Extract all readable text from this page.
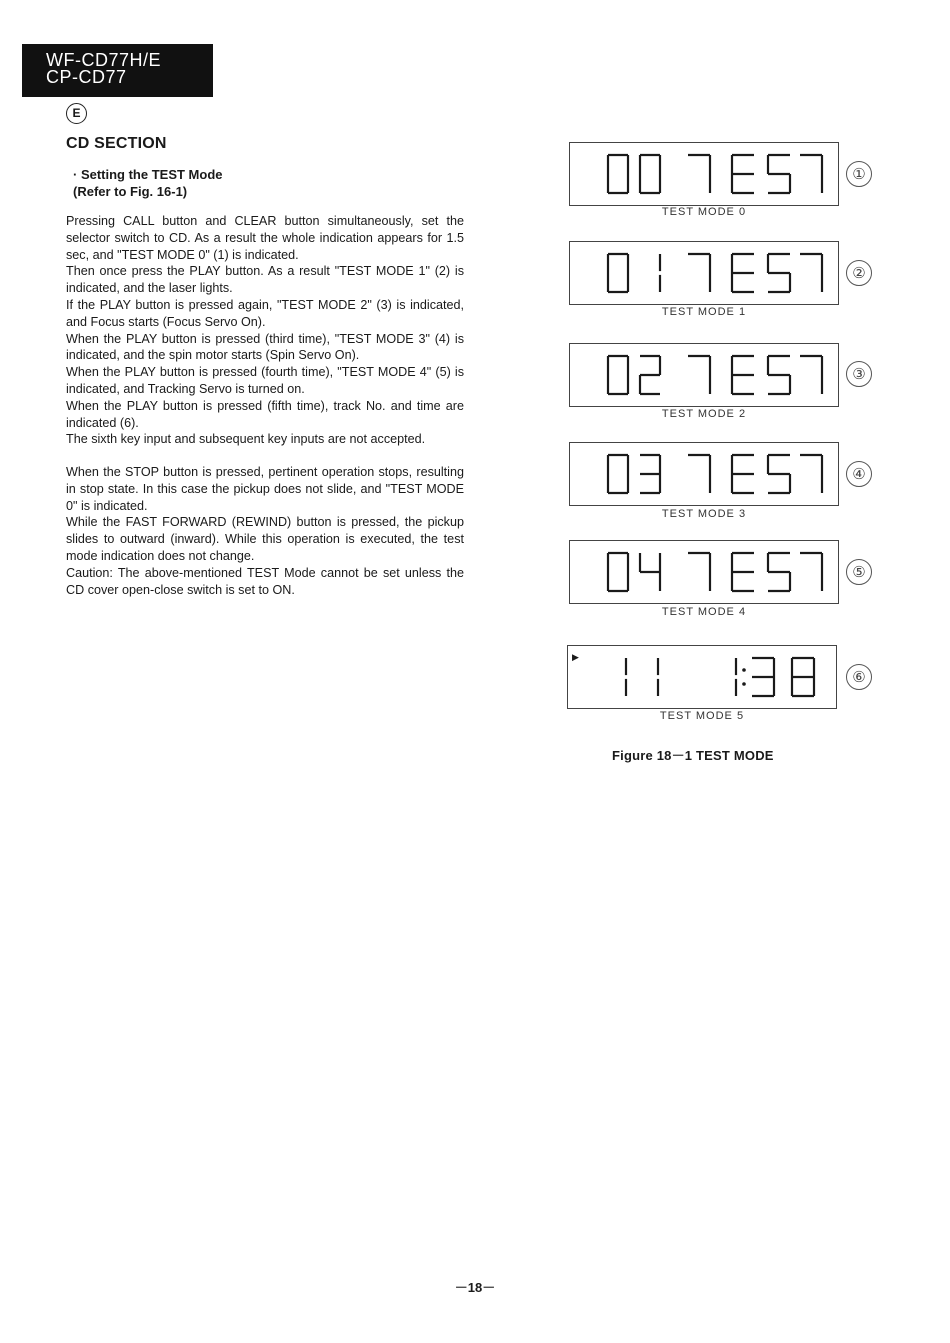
WF-CD77H/E
CP-CD77
E
CD SECTION
· Setting the TEST Mode
(Refer to Fig. 16-1)

Pressing CALL button and CLEAR button simultaneously, set the selector switch to CD. As a result the whole indication appears for 1.5 sec, and "TEST MODE 0" (1) is indicated.

Then once press the PLAY button. As a result "TEST MODE 1" (2) is indicated, and the laser lights.

If the PLAY button is pressed again, "TEST MODE 2" (3) is indicated, and Focus starts (Focus Servo On).

When the PLAY button is pressed (third time), "TEST MODE 3" (4) is indicated, and the spin motor starts (Spin Servo On).

When the PLAY button is pressed (fourth time), "TEST MODE 4" (5) is indicated, and Tracking Servo is turned on.

When the PLAY button is pressed (fifth time), track No. and time are indicated (6).

The sixth key input and subsequent key inputs are not accepted.

When the STOP button is pressed, pertinent operation stops, resulting in stop state. In this case the pickup does not slide, and "TEST MODE 0" is indicated.

While the FAST FORWARD (REWIND) button is pressed, the pickup slides to outward (inward). While this operation is executed, the test mode indication does not change.

Caution: The above-mentioned TEST Mode cannot be set unless the CD cover open-close switch is set to ON.

TEST MODE 0
①
TEST MODE 1
②
TEST MODE 2
③
TEST MODE 3
④
TEST MODE 4
⑤
▶
TEST MODE 5
⑥
Figure 18－1 TEST MODE
－18－
